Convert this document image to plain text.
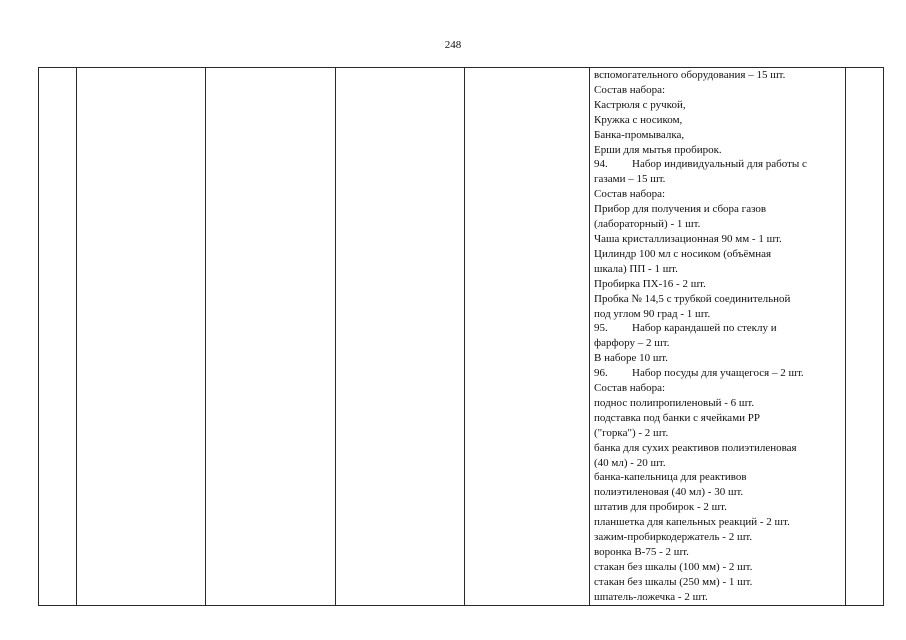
248

вспомогательного оборудования – 15 шт.
Состав набора:
Кастрюля с ручкой,
Кружка с носиком,
Банка-промывалка,
Ерши для мытья пробирок.
94. Набор индивидуальный для работы с
газами – 15 шт.
Состав набора:
Прибор для получения и сбора газов
(лабораторный) - 1 шт.
Чаша кристаллизационная 90 мм - 1 шт.
Цилиндр 100 мл с носиком (объёмная
шкала) ПП - 1 шт.
Пробирка ПХ-16 - 2 шт.
Пробка № 14,5 с трубкой соединительной
под углом 90 град - 1 шт.
95. Набор карандашей по стеклу и
фарфору – 2 шт.
В наборе 10 шт.
96. Набор посуды для учащегося – 2 шт.
Состав набора:
поднос полипропиленовый - 6 шт.
подставка под банки с ячейками РР
("горка") - 2 шт.
банка для сухих реактивов полиэтиленовая
(40 мл) - 20 шт.
банка-капельница для реактивов
полиэтиленовая (40 мл) - 30 шт.
штатив для пробирок - 2 шт.
планшетка для капельных реакций - 2 шт.
зажим-пробиркодержатель - 2 шт.
воронка В-75 - 2 шт.
стакан без шкалы (100 мм) - 2 шт.
стакан без шкалы (250 мм) - 1 шт.
шпатель-ложечка - 2 шт.
